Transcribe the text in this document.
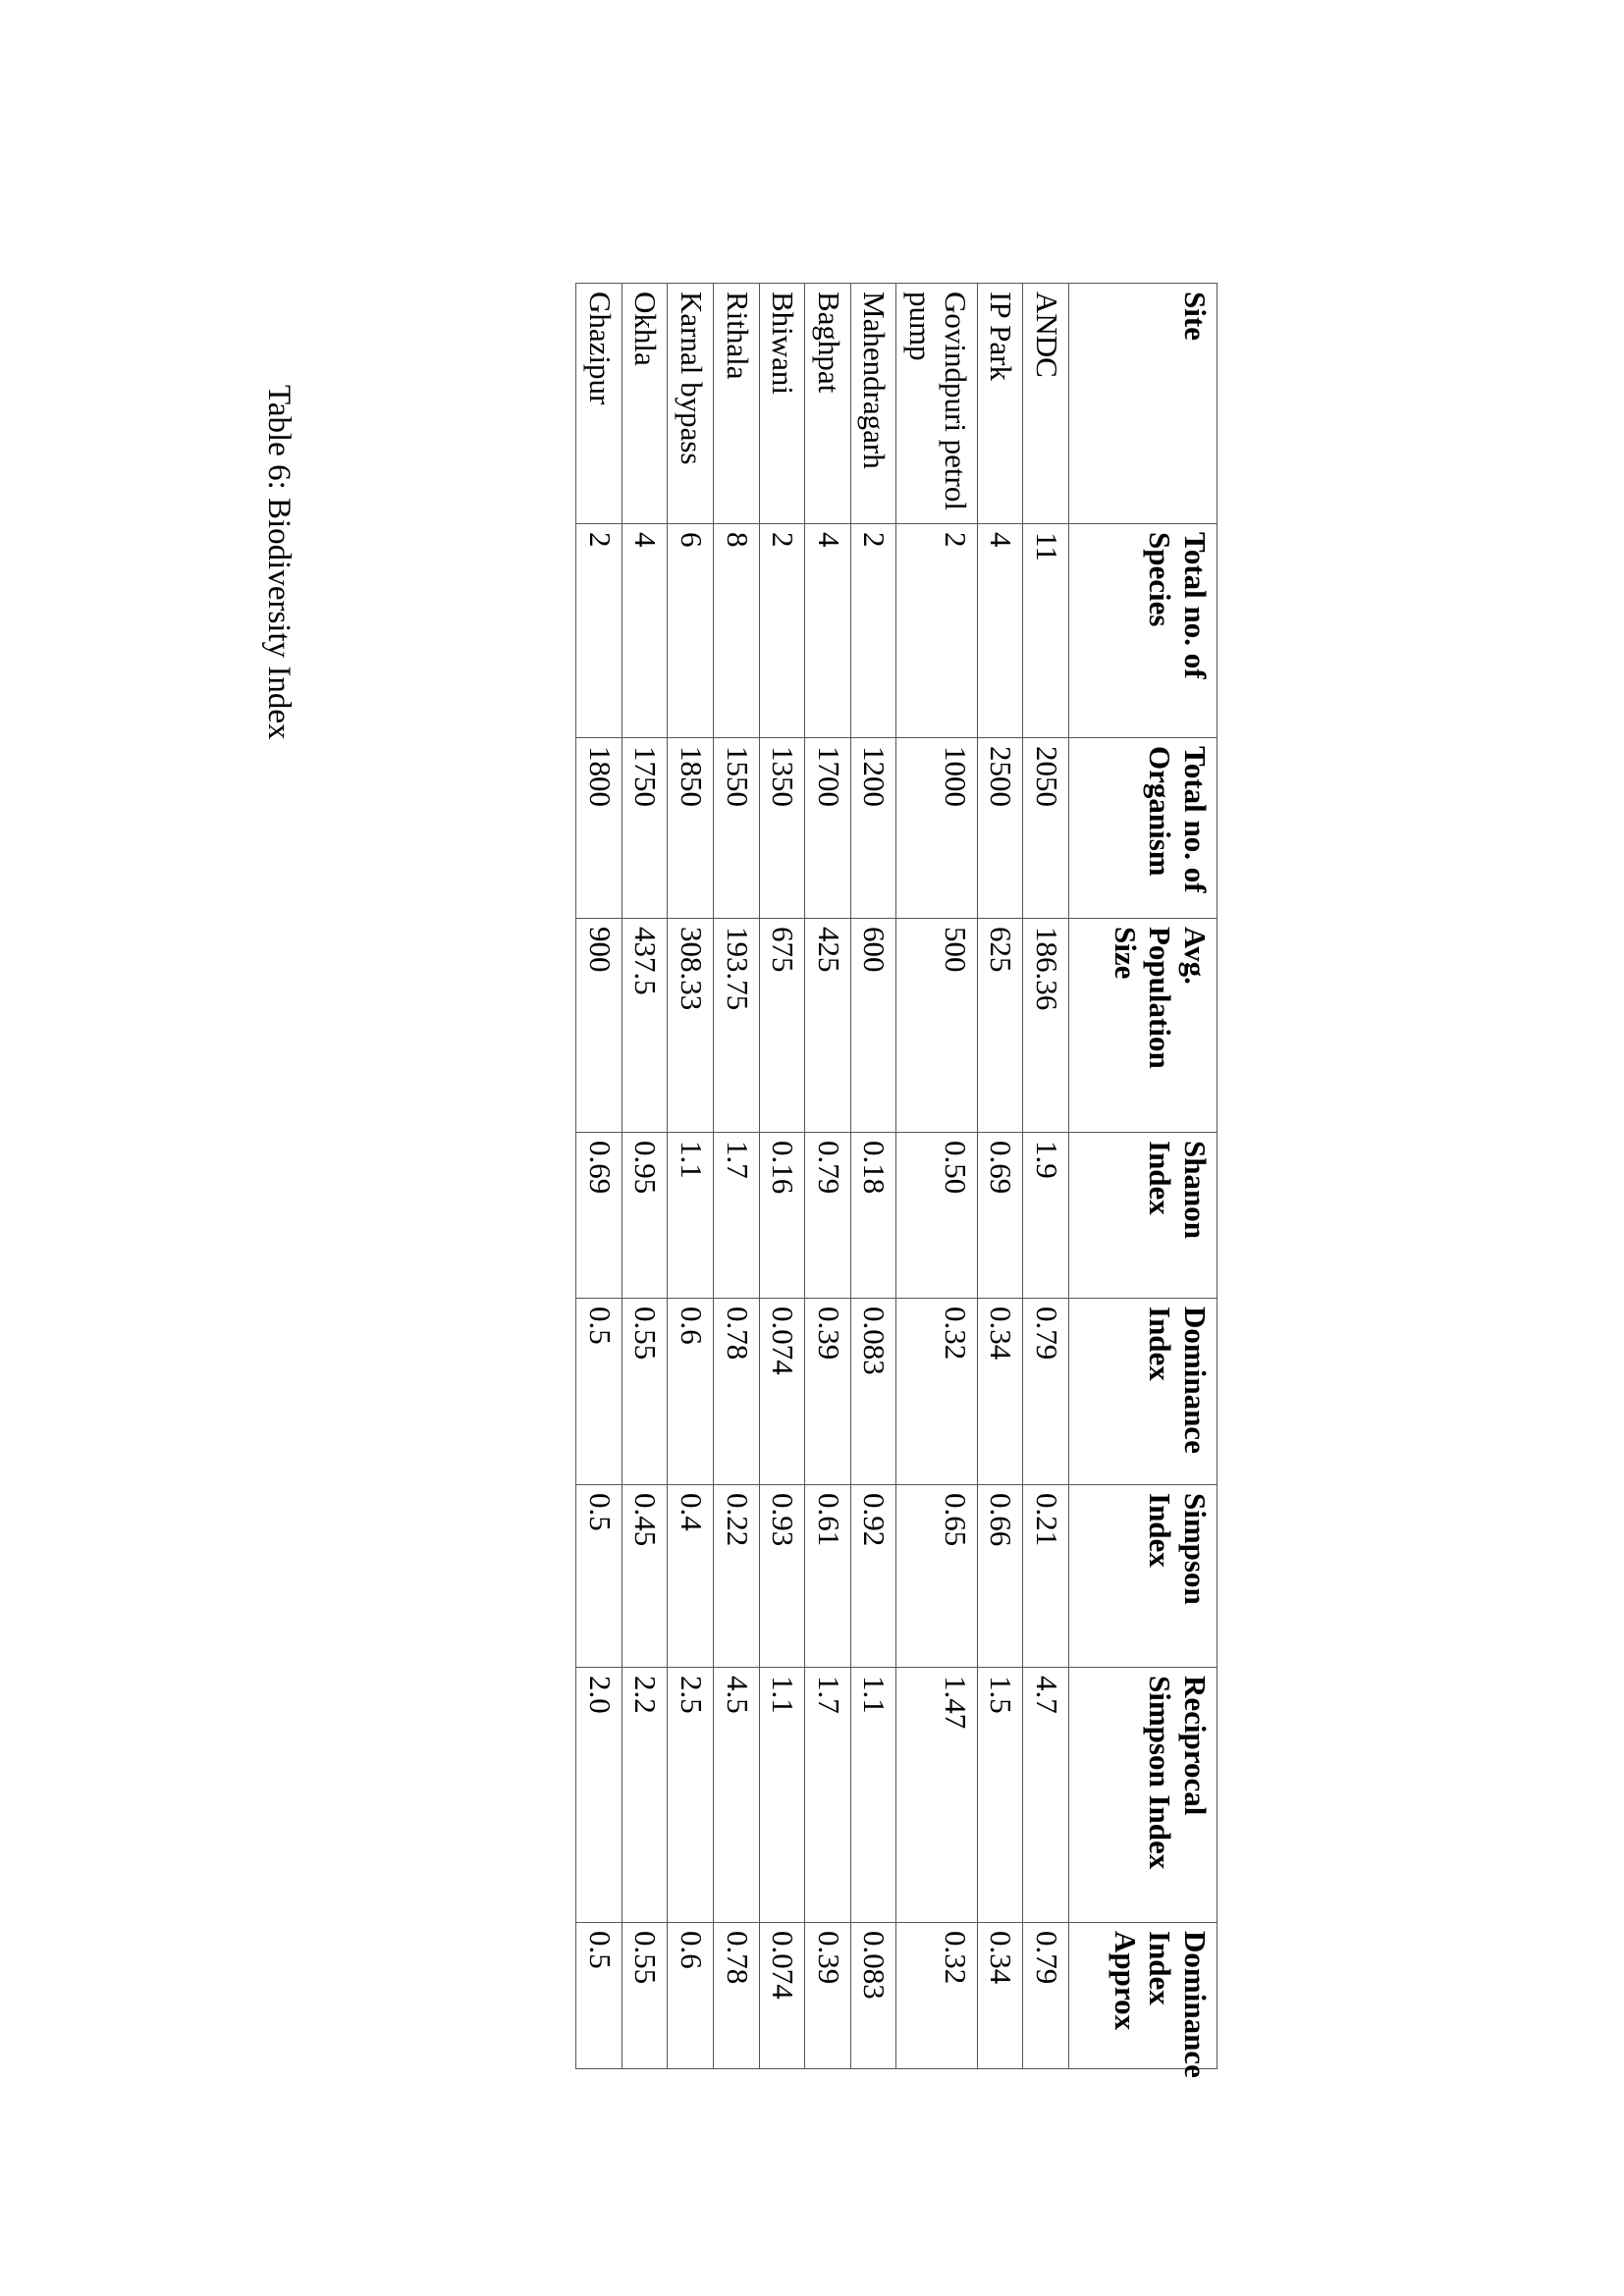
Site	Total no. of Species	Total no. of Organism	Avg. Population Size	Shanon Index	Dominance Index	Simpson Index	Reciprocal Simpson Index	Dominance Index Approx
ANDC	11	2050	186.36	1.9	0.79	0.21	4.7	0.79
IP Park	4	2500	625	0.69	0.34	0.66	1.5	0.34
Govindpuri petrol pump	2	1000	500	0.50	0.32	0.65	1.47	0.32
Mahendragarh	2	1200	600	0.18	0.083	0.92	1.1	0.083
Baghpat	4	1700	425	0.79	0.39	0.61	1.7	0.39
Bhiwani	2	1350	675	0.16	0.074	0.93	1.1	0.074
Rithala	8	1550	193.75	1.7	0.78	0.22	4.5	0.78
Karnal bypass	6	1850	308.33	1.1	0.6	0.4	2.5	0.6
Okhla	4	1750	437.5	0.95	0.55	0.45	2.2	0.55
Ghazipur	2	1800	900	0.69	0.5	0.5	2.0	0.5
Table 6: Biodiversity Index
